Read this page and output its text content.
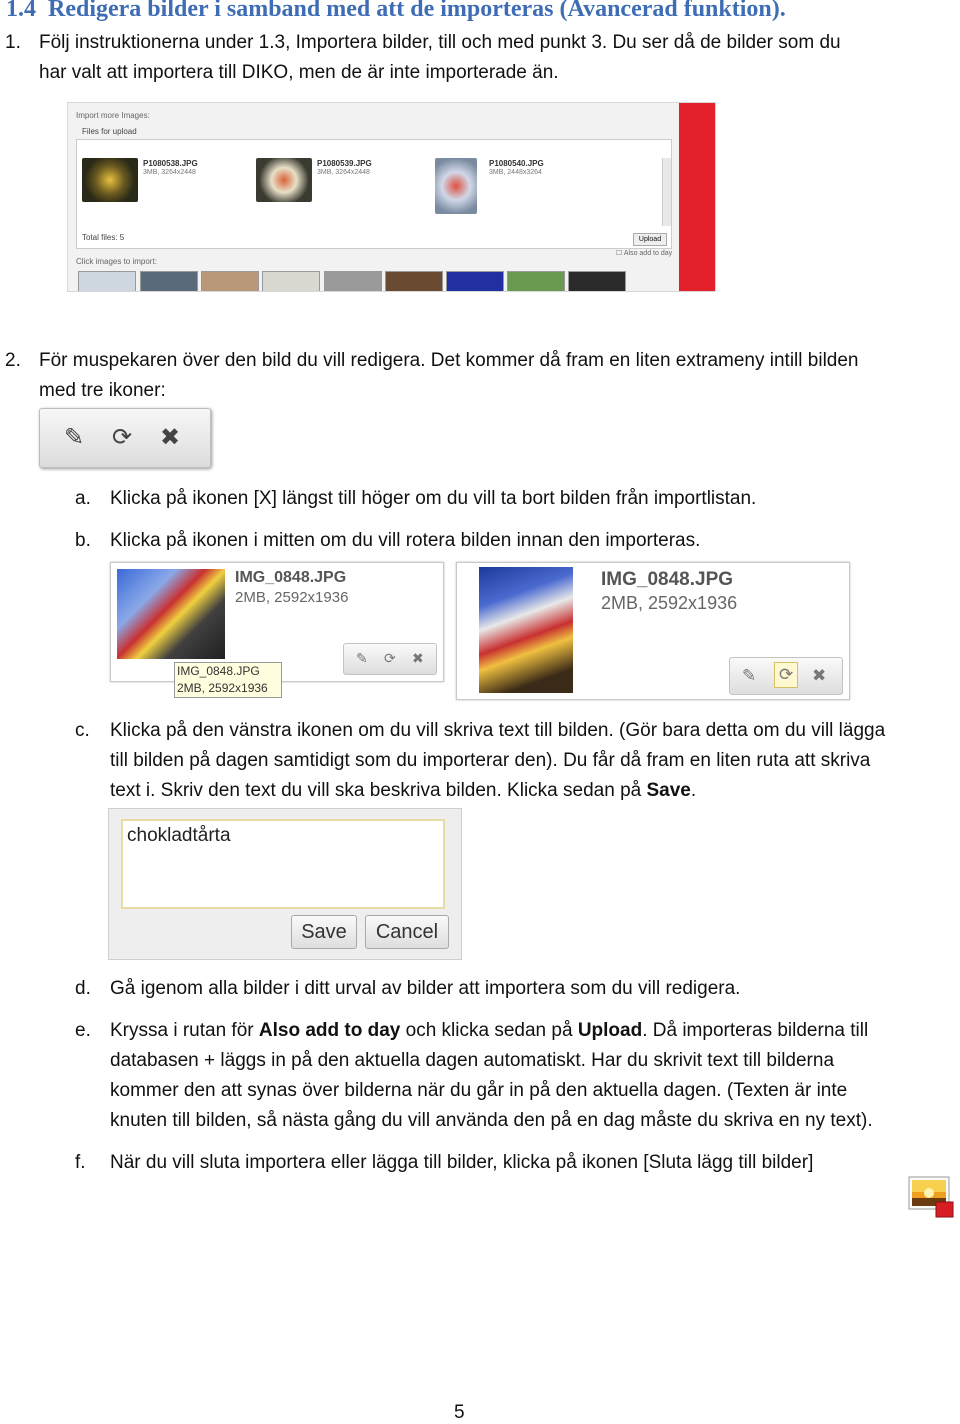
1.4 Redigera bilder i samband med att de importeras (Avancerad funktion).
1. Följ instruktionerna under 1.3, Importera bilder, till och med punkt 3. Du ser då de bilder som du
har valt att importera till DIKO, men de är inte importerade än.
Import more Images:
Files for upload
P1080538.JPG
3MB, 3264x2448
P1080539.JPG
3MB, 3264x2448
P1080540.JPG
3MB, 2448x3264
Total files: 5	Upload
☐ Also add to day
Click images to import:
2. För muspekaren över den bild du vill redigera. Det kommer då fram en liten extrameny intill bilden
med tre ikoner:
✎ ⟳ ✖
a. Klicka på ikonen [X] längst till höger om du vill ta bort bilden från importlistan.
b. Klicka på ikonen i mitten om du vill rotera bilden innan den importeras.
IMG_0848.JPG
2MB, 2592x1936
✎ ⟳ ✖
IMG_0848.JPG
2MB, 2592x1936
IMG_0848.JPG
2MB, 2592x1936
✎ ⟳ ✖
c. Klicka på den vänstra ikonen om du vill skriva text till bilden. (Gör bara detta om du vill lägga
till bilden på dagen samtidigt som du importerar den). Du får då fram en liten ruta att skriva
text i. Skriv den text du vill ska beskriva bilden. Klicka sedan på Save.
chokladtårta
Save	Cancel
d. Gå igenom alla bilder i ditt urval av bilder att importera som du vill redigera.
e. Kryssa i rutan för Also add to day och klicka sedan på Upload. Då importeras bilderna till
databasen + läggs in på den aktuella dagen automatiskt. Har du skrivit text till bilderna
kommer den att synas över bilderna när du går in på den aktuella dagen. (Texten är inte
knuten till bilden, så nästa gång du vill använda den på en dag måste du skriva en ny text).
f. När du vill sluta importera eller lägga till bilder, klicka på ikonen [Sluta lägg till bilder]
5
